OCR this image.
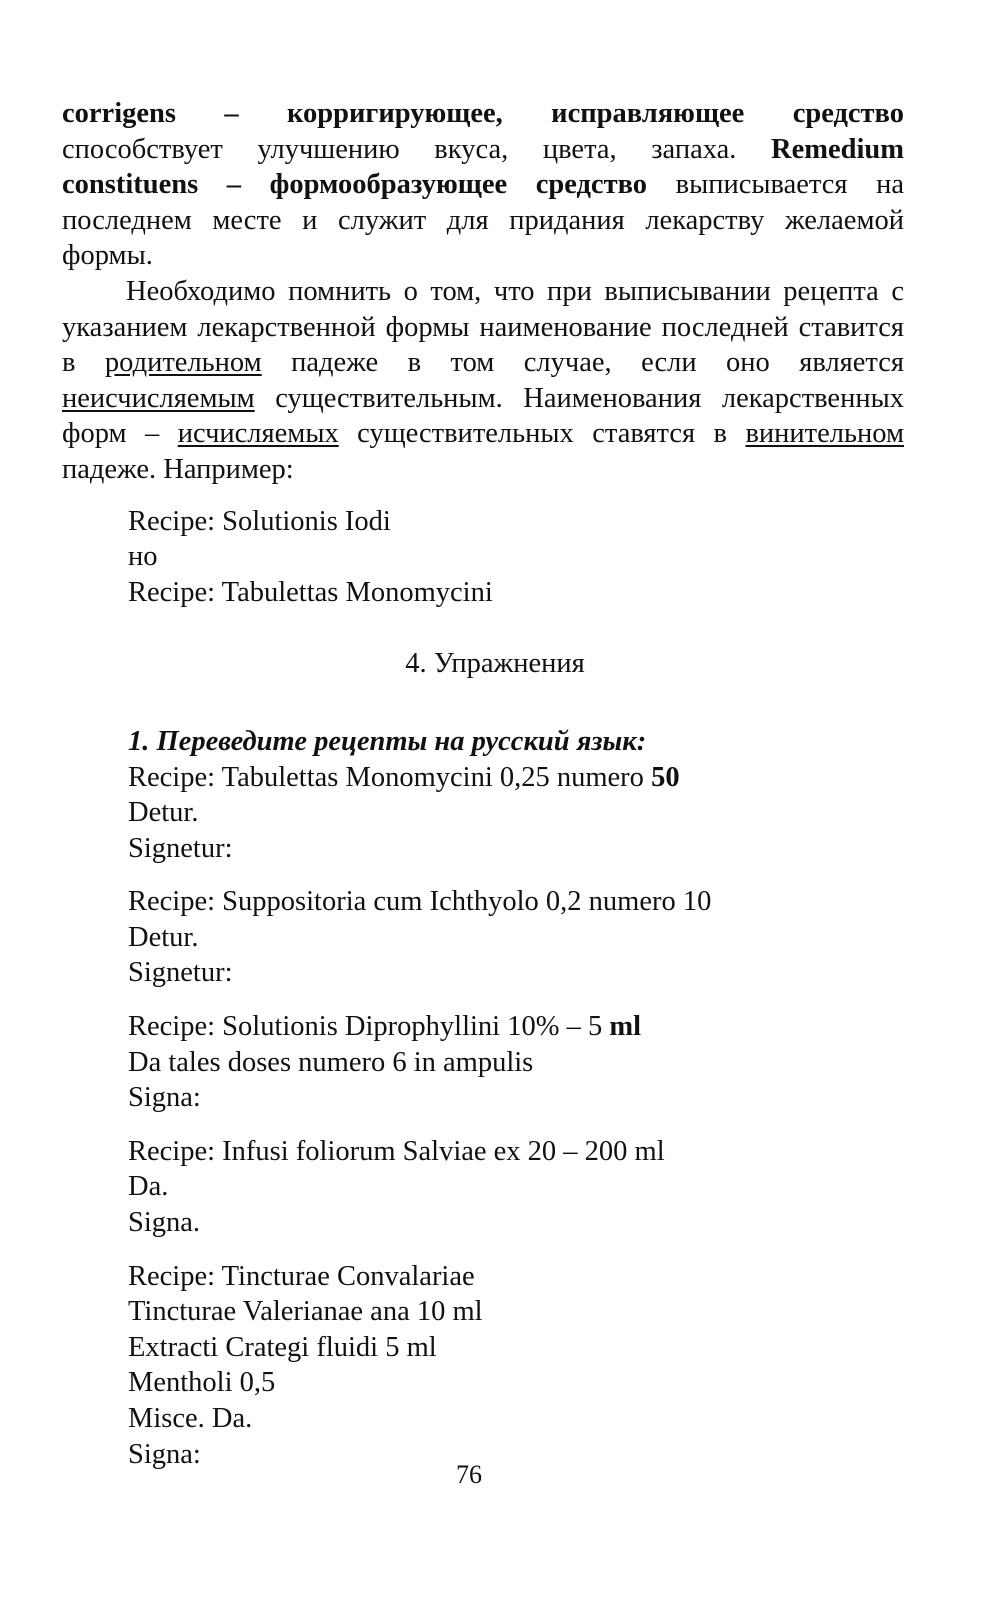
corrigens – корригирующее, исправляющее средство способствует улучшению вкуса, цвета, запаха. Remedium constituens – формообразующее средство выписывается на последнем месте и служит для придания лекарству желаемой формы.

Необходимо помнить о том, что при выписывании рецепта с указанием лекарственной формы наименование последней ставится в родительном падеже в том случае, если оно является неисчисляемым существительным. Наименования лекарственных форм – исчисляемых существительных ставятся в винительном падеже. Например:

Recipe: Solutionis Iodi
но
Recipe: Tabulettas Monomycini
4. Упражнения
1. Переведите рецепты на русский язык:
Recipe: Tabulettas Monomycini 0,25 numero 50
Detur.
Signetur:
Recipe: Suppositoria cum Ichthyolo 0,2 numero 10
Detur.
Signetur:
Recipe: Solutionis Diprophyllini 10% – 5 ml
Da tales doses numero 6 in ampulis
Signa:
Recipe: Infusi foliorum Salviae ex 20 – 200 ml
Da.
Signa.
Recipe: Tincturae Convalariae
Tincturae Valerianae ana 10 ml
Extracti Crategi fluidi 5 ml
Mentholi 0,5
Misce. Da.
Signa:
76
